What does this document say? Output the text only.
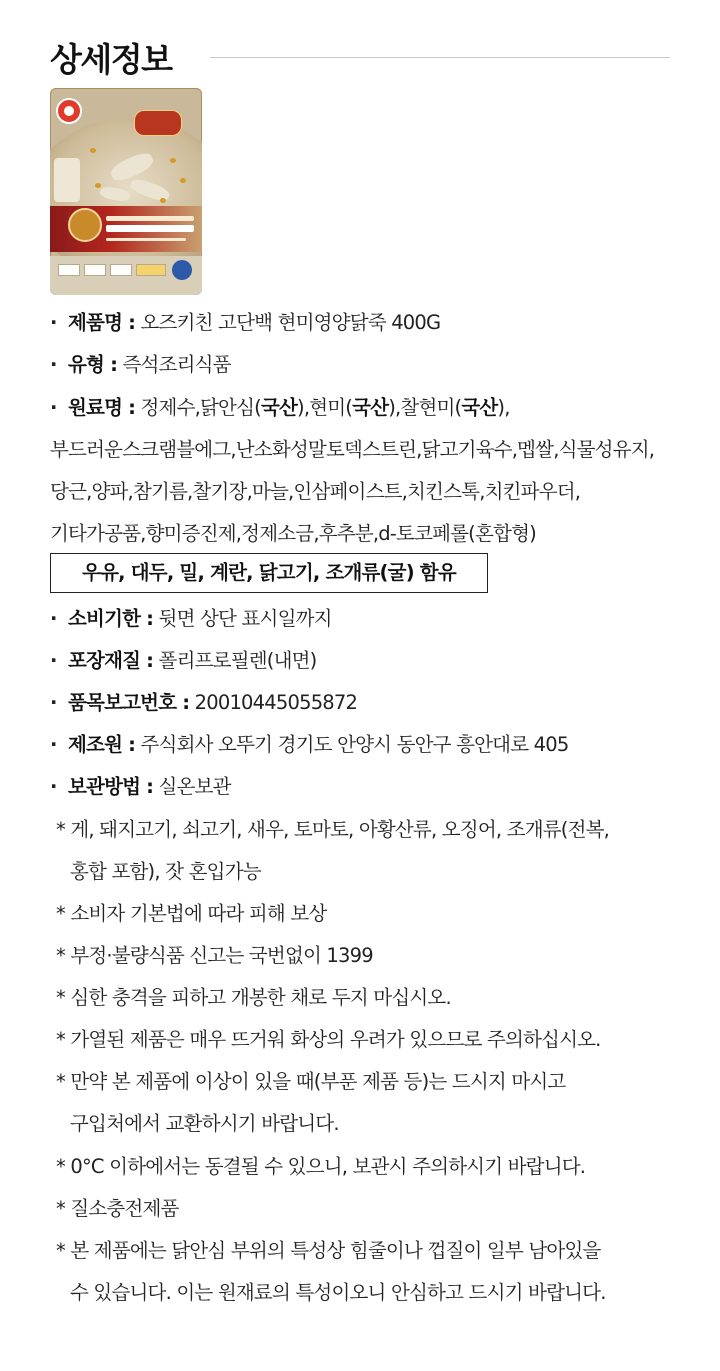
상세정보
· 제품명 : 오즈키친 고단백 현미영양닭죽 400G
· 유형 : 즉석조리식품
· 원료명 : 정제수,닭안심(국산),현미(국산),찰현미(국산),
부드러운스크램블에그,난소화성말토덱스트린,닭고기육수,멥쌀,식물성유지,
당근,양파,참기름,찰기장,마늘,인삼페이스트,치킨스톡,치킨파우더,
기타가공품,향미증진제,정제소금,후추분,d-토코페롤(혼합형)
우유, 대두, 밀, 계란, 닭고기, 조개류(굴) 함유
· 소비기한 : 뒷면 상단 표시일까지
· 포장재질 : 폴리프로필렌(내면)
· 품목보고번호 : 20010445055872
· 제조원 : 주식회사 오뚜기 경기도 안양시 동안구 흥안대로 405
· 보관방법 : 실온보관
* 게, 돼지고기, 쇠고기, 새우, 토마토, 아황산류, 오징어, 조개류(전복,
홍합 포함), 잣 혼입가능
* 소비자 기본법에 따라 피해 보상
* 부정·불량식품 신고는 국번없이 1399
* 심한 충격을 피하고 개봉한 채로 두지 마십시오.
* 가열된 제품은 매우 뜨거워 화상의 우려가 있으므로 주의하십시오.
* 만약 본 제품에 이상이 있을 때(부푼 제품 등)는 드시지 마시고
구입처에서 교환하시기 바랍니다.
* 0°C 이하에서는 동결될 수 있으니, 보관시 주의하시기 바랍니다.
* 질소충전제품
* 본 제품에는 닭안심 부위의 특성상 힘줄이나 껍질이 일부 남아있을
수 있습니다. 이는 원재료의 특성이오니 안심하고 드시기 바랍니다.
